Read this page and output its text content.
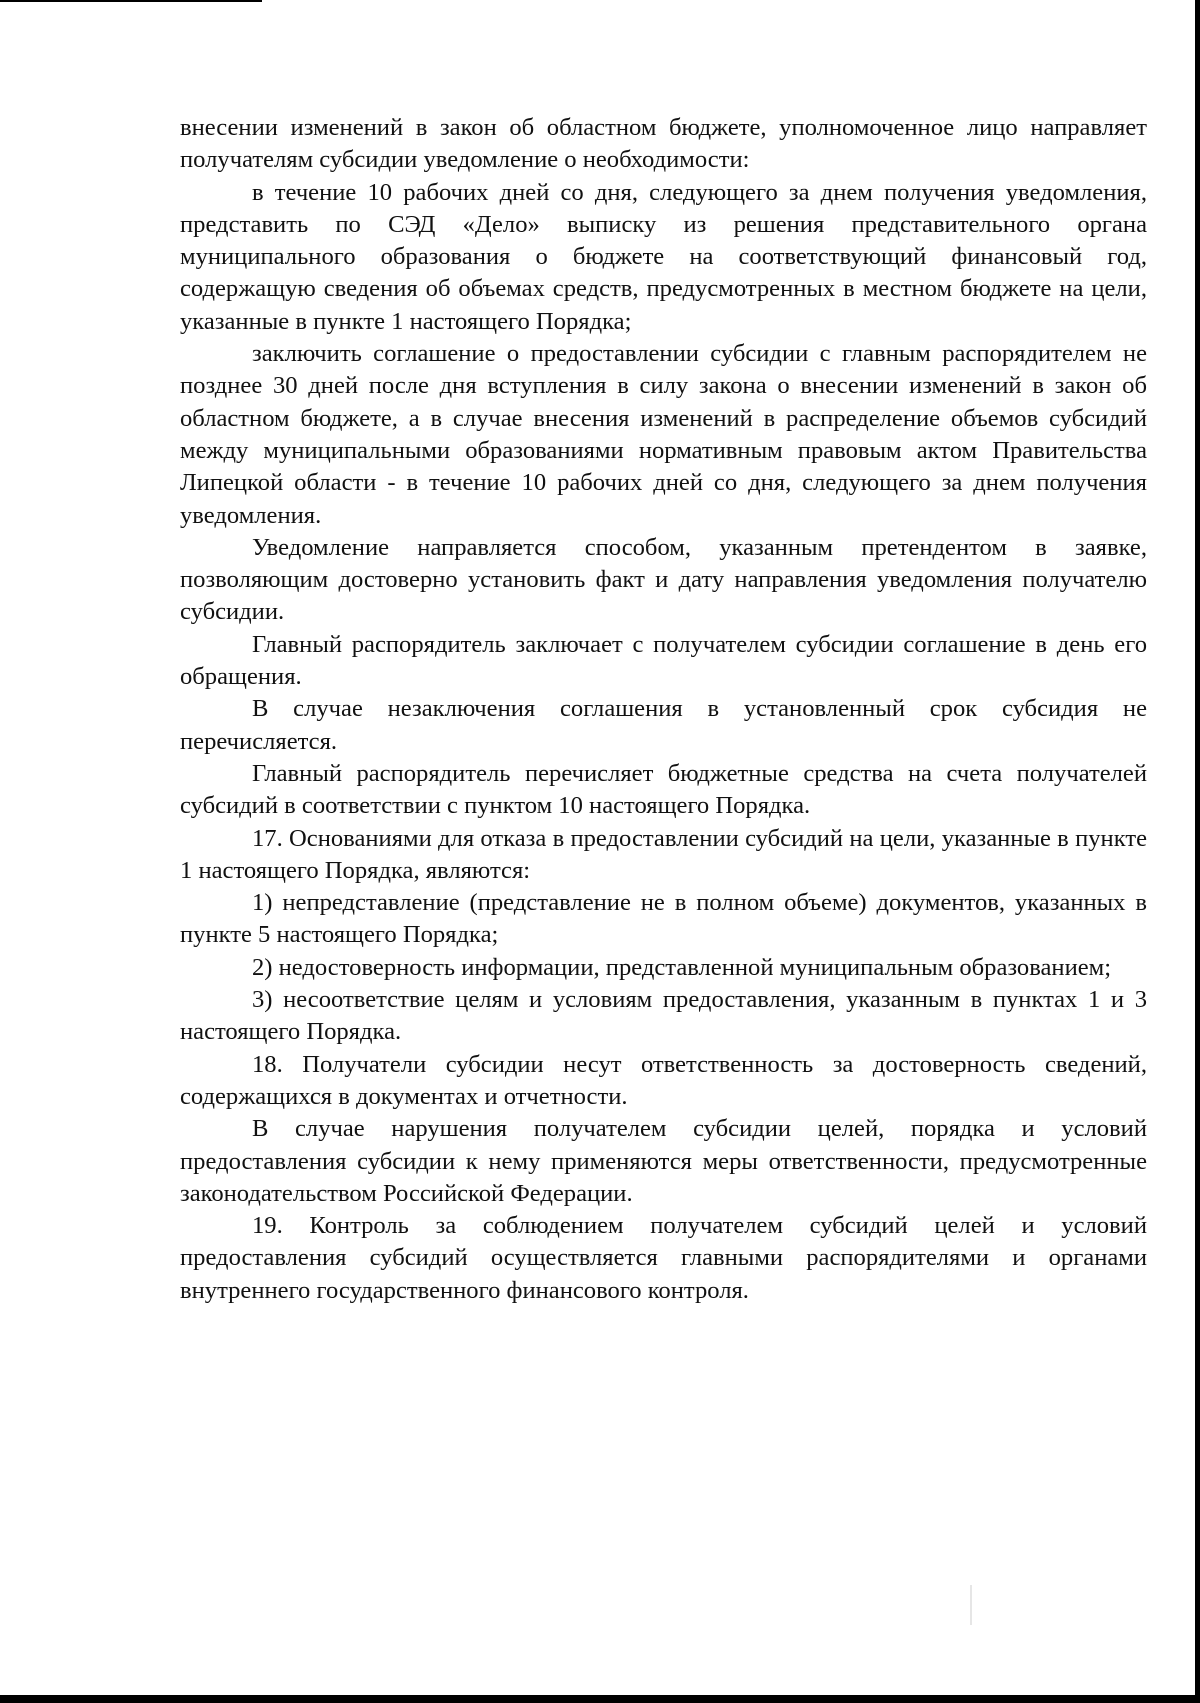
внесении изменений в закон об областном бюджете, уполномоченное лицо направляет получателям субсидии уведомление о необходимости:

в течение 10 рабочих дней со дня, следующего за днем получения уведомления, представить по СЭД «Дело» выписку из решения представительного органа муниципального образования о бюджете на соответствующий финансовый год, содержащую сведения об объемах средств, предусмотренных в местном бюджете на цели, указанные в пункте 1 настоящего Порядка;

заключить соглашение о предоставлении субсидии с главным распорядителем не позднее 30 дней после дня вступления в силу закона о внесении изменений в закон об областном бюджете, а в случае внесения изменений в распределение объемов субсидий между муниципальными образованиями нормативным правовым актом Правительства Липецкой области - в течение 10 рабочих дней со дня, следующего за днем получения уведомления.

Уведомление направляется способом, указанным претендентом в заявке, позволяющим достоверно установить факт и дату направления уведомления получателю субсидии.

Главный распорядитель заключает с получателем субсидии соглашение в день его обращения.

В случае незаключения соглашения в установленный срок субсидия не перечисляется.

Главный распорядитель перечисляет бюджетные средства на счета получателей субсидий в соответствии с пунктом 10 настоящего Порядка.

17. Основаниями для отказа в предоставлении субсидий на цели, указанные в пункте 1 настоящего Порядка, являются:

1) непредставление (представление не в полном объеме) документов, указанных в пункте 5 настоящего Порядка;

2) недостоверность информации, представленной муниципальным образованием;

3) несоответствие целям и условиям предоставления, указанным в пунктах 1 и 3 настоящего Порядка.

18. Получатели субсидии несут ответственность за достоверность сведений, содержащихся в документах и отчетности.

В случае нарушения получателем субсидии целей, порядка и условий предоставления субсидии к нему применяются меры ответственности, предусмотренные законодательством Российской Федерации.

19. Контроль за соблюдением получателем субсидий целей и условий предоставления субсидий осуществляется главными распорядителями и органами внутреннего государственного финансового контроля.
